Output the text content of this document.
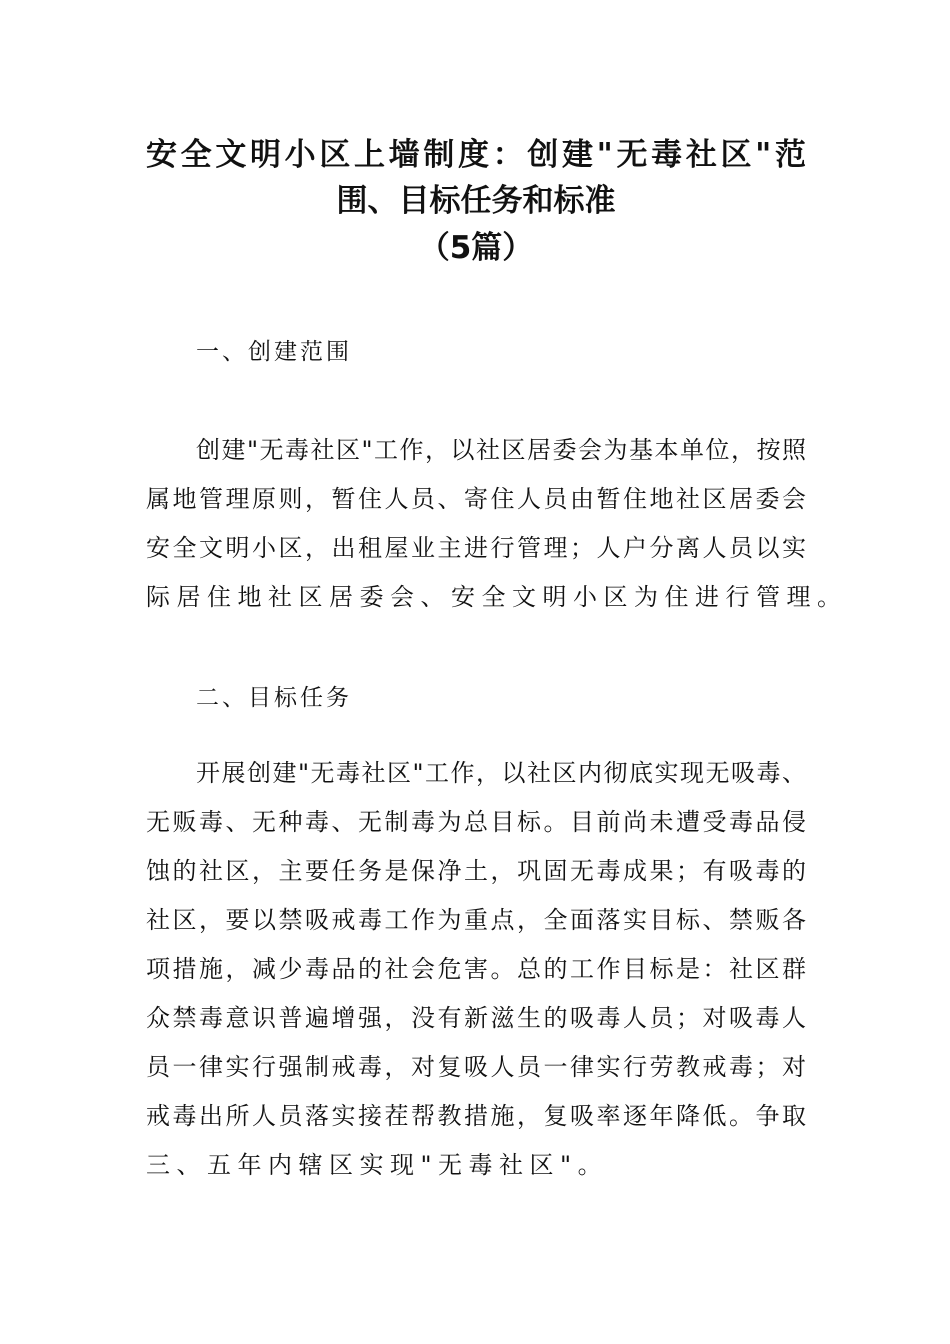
安全文明小区上墙制度：创建"无毒社区"范
围、目标任务和标准
（5篇）
一、创建范围
创建"无毒社区"工作，以社区居委会为基本单位，按照
属地管理原则，暂住人员、寄住人员由暂住地社区居委会
安全文明小区，出租屋业主进行管理；人户分离人员以实
际居住地社区居委会、安全文明小区为住进行管理。
二、目标任务
开展创建"无毒社区"工作，以社区内彻底实现无吸毒、
无贩毒、无种毒、无制毒为总目标。目前尚未遭受毒品侵
蚀的社区，主要任务是保净土，巩固无毒成果；有吸毒的
社区，要以禁吸戒毒工作为重点，全面落实目标、禁贩各
项措施，减少毒品的社会危害。总的工作目标是：社区群
众禁毒意识普遍增强，没有新滋生的吸毒人员；对吸毒人
员一律实行强制戒毒，对复吸人员一律实行劳教戒毒；对
戒毒出所人员落实接茬帮教措施，复吸率逐年降低。争取
三、五年内辖区实现"无毒社区"。
